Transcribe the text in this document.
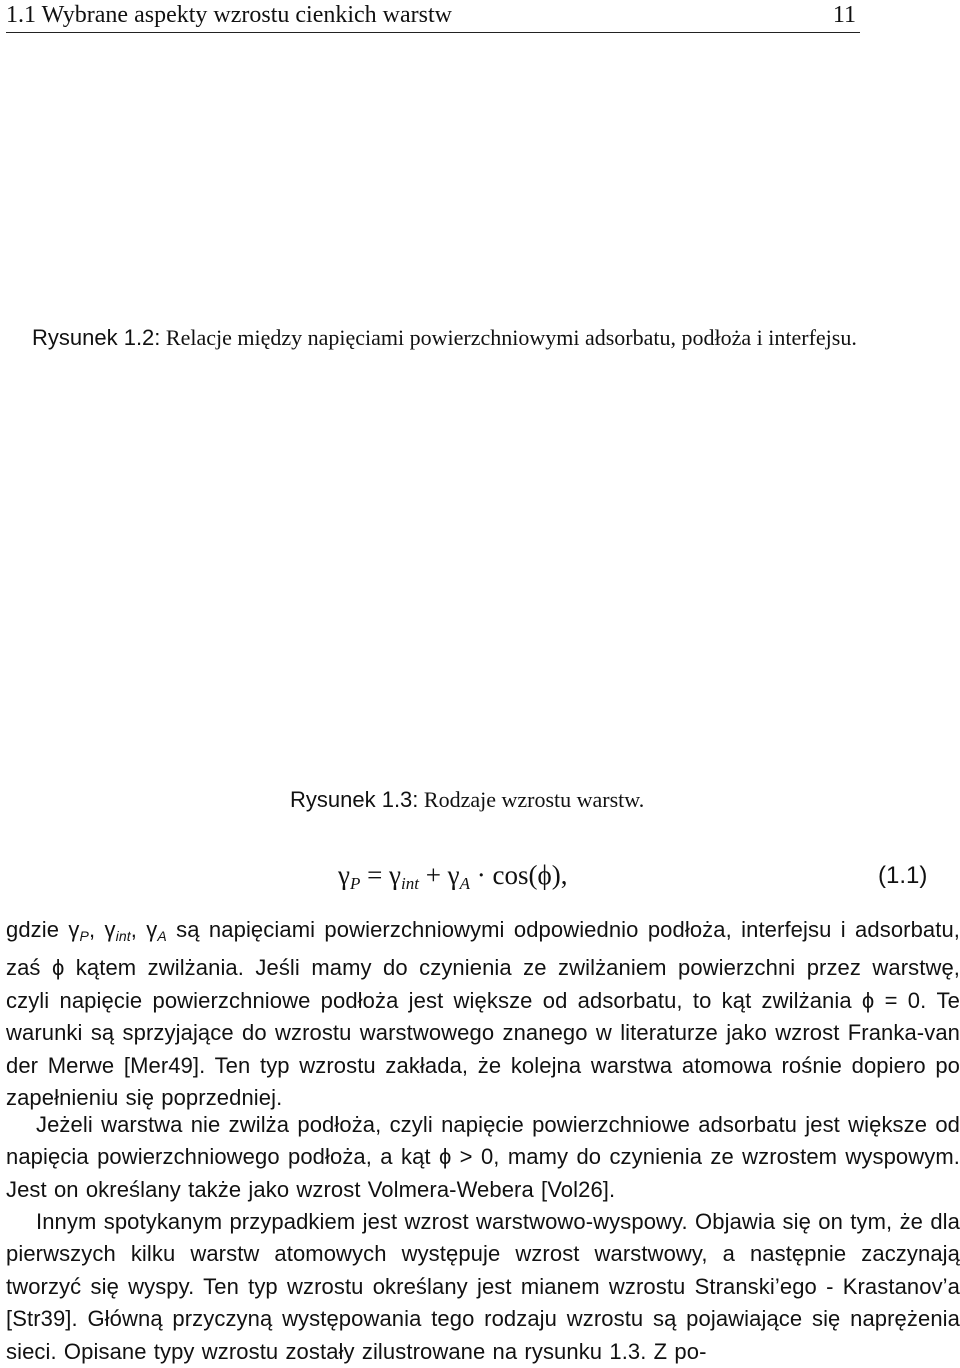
1.1 Wybrane aspekty wzrostu cienkich warstw	11
Rysunek 1.2: Relacje między napięciami powierzchniowymi adsorbatu, podłoża i interfejsu.
Rysunek 1.3: Rodzaje wzrostu warstw.
$\gamma_P = \gamma_{int} + \gamma_A \cdot \cos(\phi)$,	(1.1)
gdzie $\gamma_P$, $\gamma_{int}$, $\gamma_A$ są napięciami powierzchniowymi odpowiednio podłoża, interfejsu i adsorbatu, zaś ϕ kątem zwilżania. Jeśli mamy do czynienia ze zwilżaniem powierzchni przez warstwę, czyli napięcie powierzchniowe podłoża jest większe od adsorbatu, to kąt zwilżania ϕ = 0. Te warunki są sprzyjające do wzrostu warstwowego znanego w literaturze jako wzrost Franka-van der Merwe [Mer49]. Ten typ wzrostu zakłada, że kolejna warstwa atomowa rośnie dopiero po zapełnieniu się poprzedniej.
Jeżeli warstwa nie zwilża podłoża, czyli napięcie powierzchniowe adsorbatu jest większe od napięcia powierzchniowego podłoża, a kąt ϕ > 0, mamy do czynienia ze wzrostem wyspowym. Jest on określany także jako wzrost Volmera-Webera [Vol26].
Innym spotykanym przypadkiem jest wzrost warstwowo-wyspowy. Objawia się on tym, że dla pierwszych kilku warstw atomowych występuje wzrost warstwowy, a następnie zaczynają tworzyć się wyspy. Ten typ wzrostu określany jest mianem wzrostu Stranski’ego - Krastanov’a [Str39]. Główną przyczyną występowania tego rodzaju wzrostu są pojawiające się naprężenia sieci. Opisane typy wzrostu zostały zilustrowane na rysunku 1.3. Z po-
